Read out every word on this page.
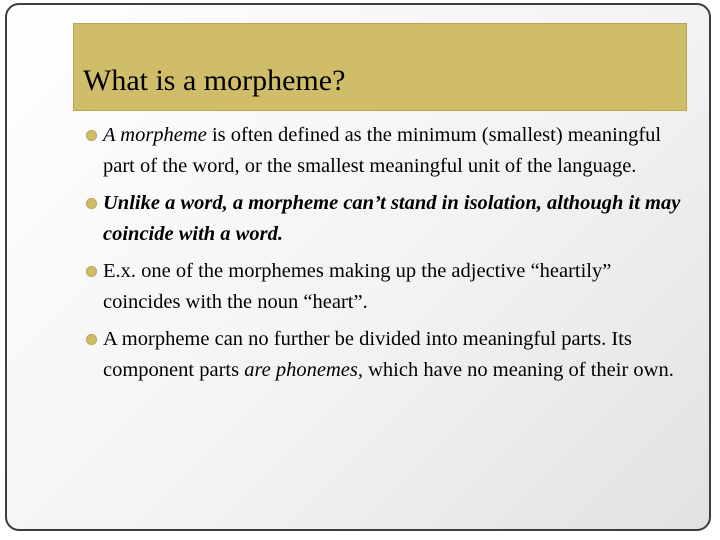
What is a morpheme?
A morpheme is often defined as the minimum (smallest) meaningful part of the word, or the smallest meaningful unit of the language.
Unlike a word, a morpheme can’t stand in isolation, although it may coincide with a word.
E.x. one of the morphemes making up the adjective “heartily” coincides with the noun “heart”.
A morpheme can no further be divided into meaningful parts. Its component parts are phonemes, which have no meaning of their own.
